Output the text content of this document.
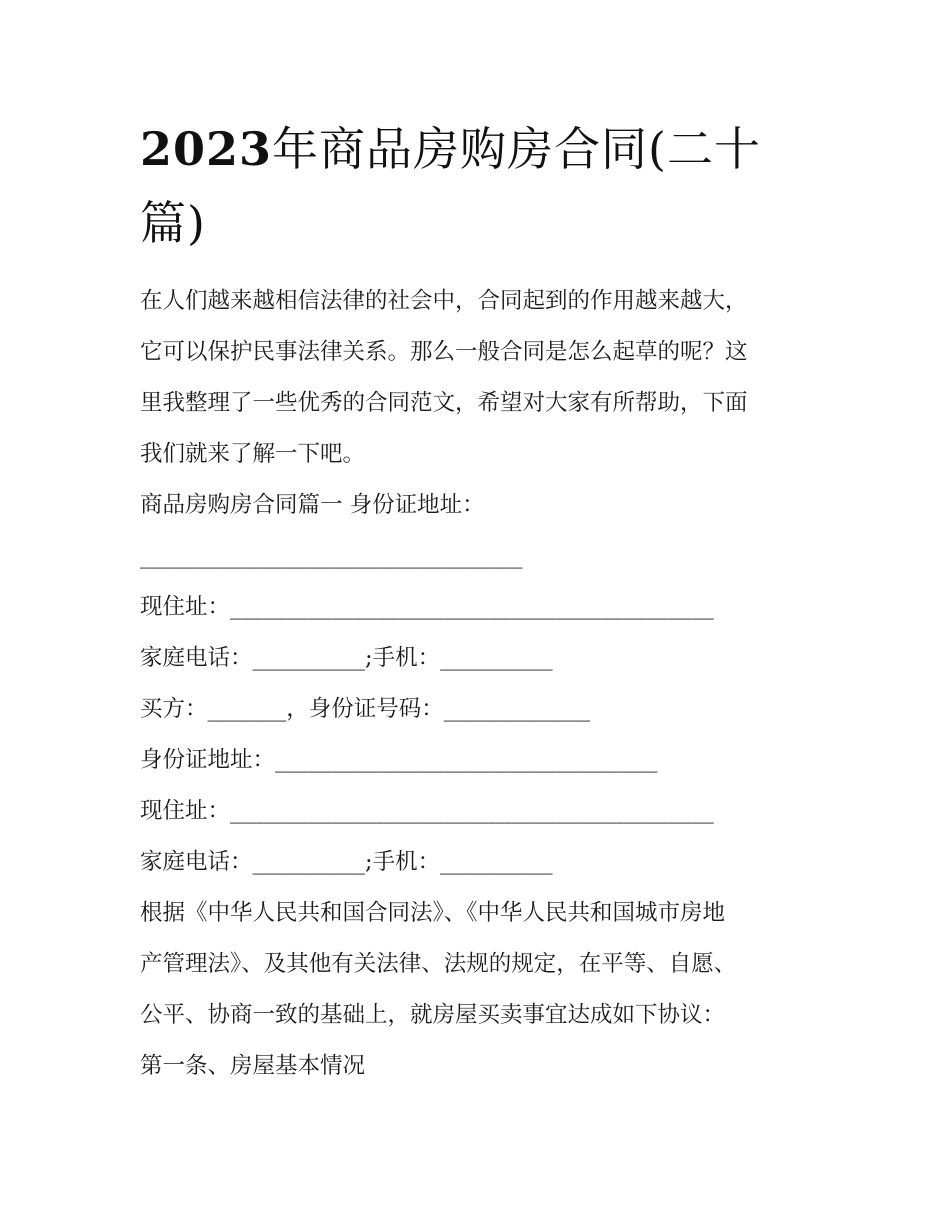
2023年商品房购房合同(二十
篇)

在人们越来越相信法律的社会中，合同起到的作用越来越大，

它可以保护民事法律关系。那么一般合同是怎么起草的呢？这

里我整理了一些优秀的合同范文，希望对大家有所帮助，下面

我们就来了解一下吧。

商品房购房合同篇一 身份证地址：

__________________________________

现住址：___________________________________________

家庭电话：__________;手机：__________

买方：_______，身份证号码：_____________

身份证地址：__________________________________

现住址：___________________________________________

家庭电话：__________;手机：__________

根据《中华人民共和国合同法》、《中华人民共和国城市房地

产管理法》、及其他有关法律、法规的规定，在平等、自愿、

公平、协商一致的基础上，就房屋买卖事宜达成如下协议：

第一条、房屋基本情况
